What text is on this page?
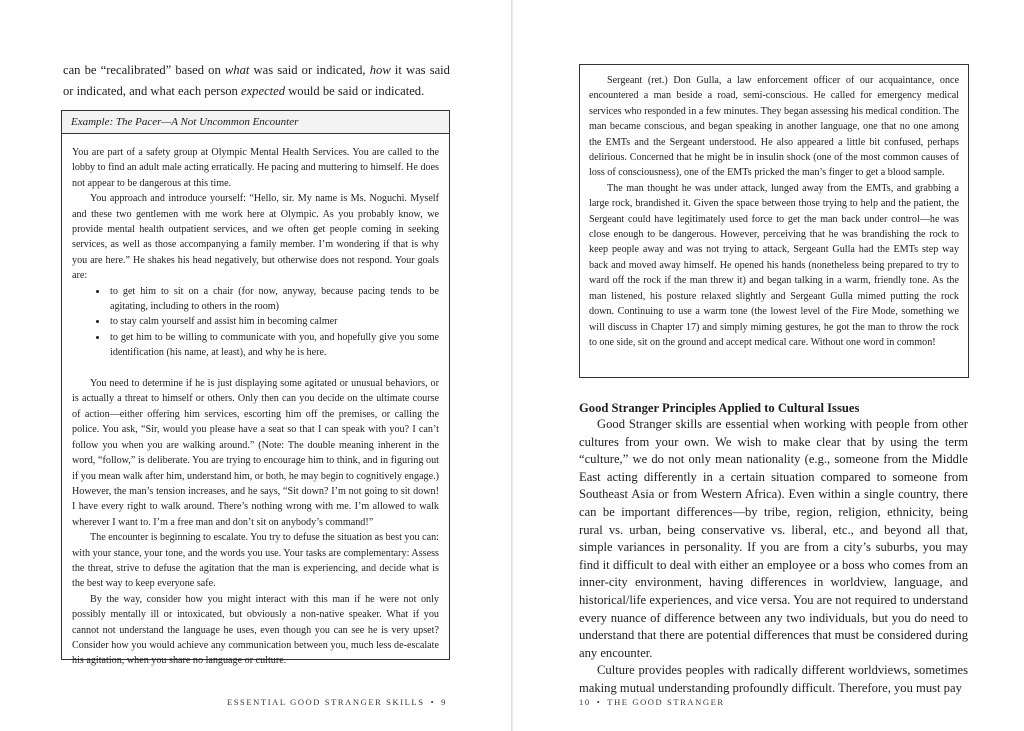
can be “recalibrated” based on what was said or indicated, how it was said or indicated, and what each person expected would be said or indicated.

Example: The Pacer—A Not Uncommon Encounter

You are part of a safety group at Olympic Mental Health Services. You are called to the lobby to find an adult male acting erratically. He pacing and muttering to himself. He does not appear to be dangerous at this time.

You approach and introduce yourself: “Hello, sir. My name is Ms. Noguchi. Myself and these two gentlemen with me work here at Olympic. As you probably know, we provide mental health outpatient services, and we often get people coming in seeking services, as well as those accompanying a family member. I’m wondering if that is why you are here.” He shakes his head negatively, but otherwise does not respond. Your goals are:

• to get him to sit on a chair (for now, anyway, because pacing tends to be agitating, including to others in the room)
• to stay calm yourself and assist him in becoming calmer
• to get him to be willing to communicate with you, and hopefully give you some identification (his name, at least), and why he is here.

You need to determine if he is just displaying some agitated or unusual behaviors, or is actually a threat to himself or others. Only then can you decide on the ultimate course of action—either offering him services, escorting him off the premises, or calling the police. You ask, “Sir, would you please have a seat so that I can speak with you? I can’t follow you when you are walking around.” (Note: The double meaning inherent in the word, “follow,” is deliberate. You are trying to encourage him to think, and in figuring out if you mean walk after him, understand him, or both, he may begin to cognitively engage.) However, the man’s tension increases, and he says, “Sit down? I’m not going to sit down! I have every right to walk around. There’s nothing wrong with me. I’m allowed to walk wherever I want to. I’m a free man and don’t sit on anybody’s command!”

The encounter is beginning to escalate. You try to defuse the situation as best you can: with your stance, your tone, and the words you use. Your tasks are complementary: Assess the threat, strive to defuse the agitation that the man is experiencing, and decide what is the best way to keep everyone safe.

By the way, consider how you might interact with this man if he were not only possibly mentally ill or intoxicated, but obviously a non-native speaker. What if you cannot not understand the language he uses, even though you can see he is very upset? Consider how you would achieve any communication between you, much less de-escalate his agitation, when you share no language or culture.

ESSENTIAL GOOD STRANGER SKILLS • 9

Sergeant (ret.) Don Gulla, a law enforcement officer of our acquaintance, once encountered a man beside a road, semi-conscious. He called for emergency medical services who responded in a few minutes. They began assessing his medical condition. The man became conscious, and began speaking in another language, one that no one among the EMTs and the Sergeant understood. He also appeared a little bit confused, perhaps delirious. Concerned that he might be in insulin shock (one of the most common causes of loss of consciousness), one of the EMTs pricked the man’s finger to get a blood sample.

The man thought he was under attack, lunged away from the EMTs, and grabbing a large rock, brandished it. Given the space between those trying to help and the patient, the Sergeant could have legitimately used force to get the man back under control—he was close enough to be dangerous. However, perceiving that he was brandishing the rock to keep people away and was not trying to attack, Sergeant Gulla had the EMTs step way back and moved away himself. He opened his hands (nonetheless being prepared to try to ward off the rock if the man threw it) and began talking in a warm, friendly tone. As the man listened, his posture relaxed slightly and Sergeant Gulla mimed putting the rock down. Continuing to use a warm tone (the lowest level of the Fire Mode, something we will discuss in Chapter 17) and simply miming gestures, he got the man to throw the rock to one side, sit on the ground and accept medical care. Without one word in common!

Good Stranger Principles Applied to Cultural Issues

Good Stranger skills are essential when working with people from other cultures from your own. We wish to make clear that by using the term “culture,” we do not only mean nationality (e.g., someone from the Middle East acting differently in a certain situation compared to someone from Southeast Asia or from Western Africa). Even within a single country, there can be important differences—by tribe, region, religion, ethnicity, being rural vs. urban, being conservative vs. liberal, etc., and beyond all that, simple variances in personality. If you are from a city’s suburbs, you may find it difficult to deal with either an employee or a boss who comes from an inner-city environment, having differences in worldview, language, and historical/life experiences, and vice versa. You are not required to understand every nuance of difference between any two individuals, but you do need to understand that there are potential differences that must be considered during any encounter.

Culture provides peoples with radically different worldviews, sometimes making mutual understanding profoundly difficult. Therefore, you must pay

10 • THE GOOD STRANGER
